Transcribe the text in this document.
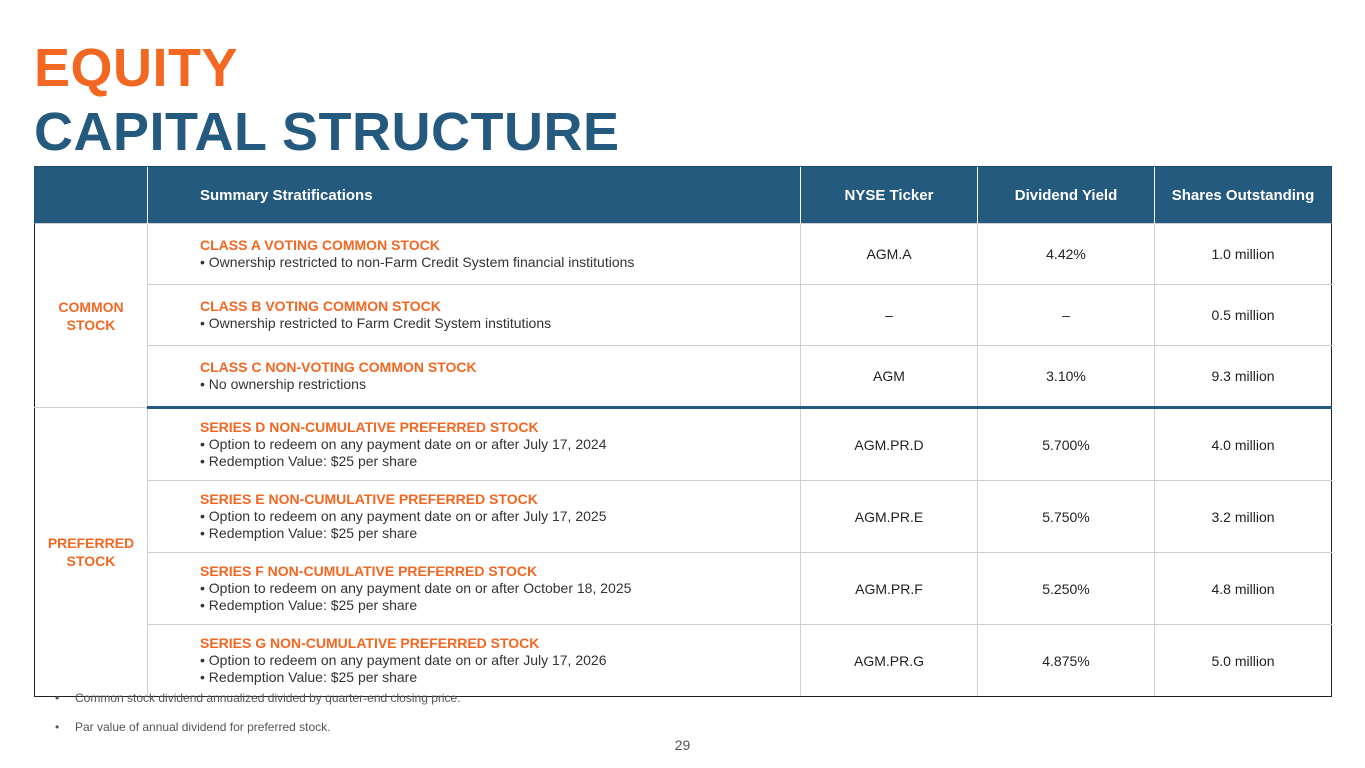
EQUITY
CAPITAL STRUCTURE
	Summary Stratifications	NYSE Ticker	Dividend Yield	Shares Outstanding

COMMON STOCK	CLASS A VOTING COMMON STOCK
• Ownership restricted to non-Farm Credit System financial institutions	AGM.A	4.42%	1.0 million

	CLASS B VOTING COMMON STOCK
• Ownership restricted to Farm Credit System institutions	–	–	0.5 million

	CLASS C NON-VOTING COMMON STOCK
• No ownership restrictions	AGM	3.10%	9.3 million

PREFERRED STOCK	SERIES D NON-CUMULATIVE PREFERRED STOCK
• Option to redeem on any payment date on or after July 17, 2024
• Redemption Value: $25 per share	AGM.PR.D	5.700%	4.0 million

	SERIES E NON-CUMULATIVE PREFERRED STOCK
• Option to redeem on any payment date on or after July 17, 2025
• Redemption Value: $25 per share	AGM.PR.E	5.750%	3.2 million

	SERIES F NON-CUMULATIVE PREFERRED STOCK
• Option to redeem on any payment date on or after October 18, 2025
• Redemption Value: $25 per share	AGM.PR.F	5.250%	4.8 million

	SERIES G NON-CUMULATIVE PREFERRED STOCK
• Option to redeem on any payment date on or after July 17, 2026
• Redemption Value: $25 per share	AGM.PR.G	4.875%	5.0 million
• Common stock dividend annualized divided by quarter-end closing price.
• Par value of annual dividend for preferred stock.
29
